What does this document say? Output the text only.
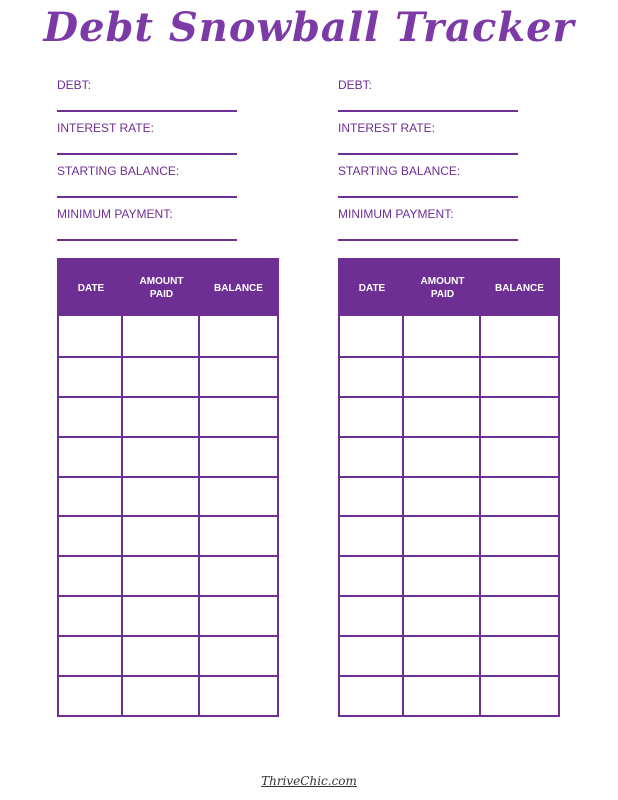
Debt Snowball Tracker
DEBT:
INTEREST RATE:
STARTING BALANCE:
MINIMUM PAYMENT:
DEBT:
INTEREST RATE:
STARTING BALANCE:
MINIMUM PAYMENT:
DATE
AMOUNT PAID
BALANCE	DATE
AMOUNT PAID
BALANCE
ThriveChic.com
